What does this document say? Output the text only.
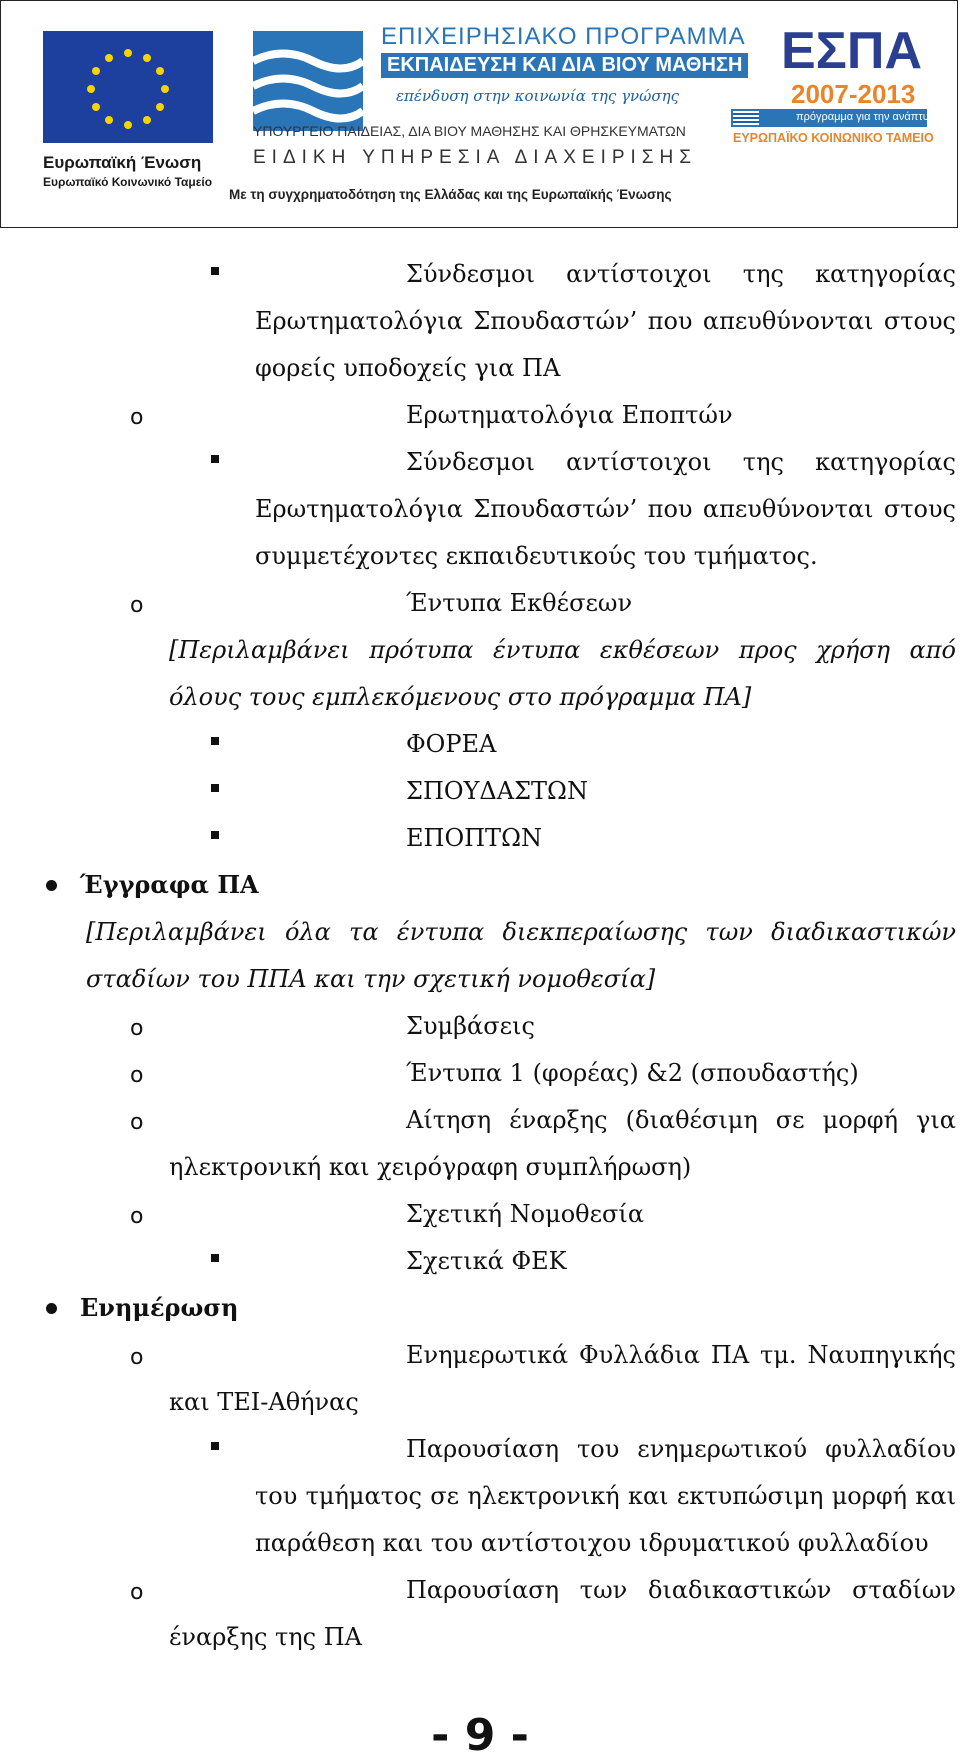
Ευρωπαϊκή Ένωση
Ευρωπαϊκό Κοινωνικό Ταμείο
ΕΠΙΧΕΙΡΗΣΙΑΚΟ ΠΡΟΓΡΑΜΜΑ
ΕΚΠΑΙΔΕΥΣΗ ΚΑΙ ΔΙΑ ΒΙΟΥ ΜΑΘΗΣΗ
επένδυση στην κοινωνία της γνώσης
ΥΠΟΥΡΓΕΙΟ ΠΑΙΔΕΙΑΣ, ΔΙΑ ΒΙΟΥ ΜΑΘΗΣΗΣ ΚΑΙ ΘΡΗΣΚΕΥΜΑΤΩΝ
ΕΙΔΙΚΗ ΥΠΗΡΕΣΙΑ ΔΙΑΧΕΙΡΙΣΗΣ
Με τη συγχρηματοδότηση της Ελλάδας και της Ευρωπαϊκής Ένωσης
ΕΣΠΑ
2007-2013
πρόγραμμα για την ανάπτυξη
ΕΥΡΩΠΑΪΚΟ ΚΟΙΝΩΝΙΚΟ ΤΑΜΕΙΟ
Σύνδεσμοι αντίστοιχοι της κατηγορίας
Ερωτηματολόγια Σπουδαστών’ που απευθύνονται στους
φορείς υποδοχείς για ΠΑ
o	Ερωτηματολόγια Εποπτών
Σύνδεσμοι αντίστοιχοι της κατηγορίας
Ερωτηματολόγια Σπουδαστών’ που απευθύνονται στους
συμμετέχοντες εκπαιδευτικούς του τμήματος.
o	Έντυπα Εκθέσεων
[Περιλαμβάνει πρότυπα έντυπα εκθέσεων προς χρήση από
όλους τους εμπλεκόμενους στο πρόγραμμα ΠΑ]
ΦΟΡΕΑ
ΣΠΟΥΔΑΣΤΩΝ
ΕΠΟΠΤΩΝ
Έγγραφα ΠΑ
[Περιλαμβάνει όλα τα έντυπα διεκπεραίωσης των διαδικαστικών
σταδίων του ΠΠΑ και την σχετική νομοθεσία]
o	Συμβάσεις
o	Έντυπα 1 (φορέας) &2 (σπουδαστής)
o	Αίτηση έναρξης (διαθέσιμη σε μορφή για
ηλεκτρονική και χειρόγραφη συμπλήρωση)
o	Σχετική Νομοθεσία
Σχετικά ΦΕΚ
Ενημέρωση
o	Ενημερωτικά Φυλλάδια ΠΑ τμ. Ναυπηγικής
και ΤΕΙ-Αθήνας
Παρουσίαση του ενημερωτικού φυλλαδίου
του τμήματος σε ηλεκτρονική και εκτυπώσιμη μορφή και
παράθεση και του αντίστοιχου ιδρυματικού φυλλαδίου
o	Παρουσίαση των διαδικαστικών σταδίων
έναρξης της ΠΑ
- 9 -
